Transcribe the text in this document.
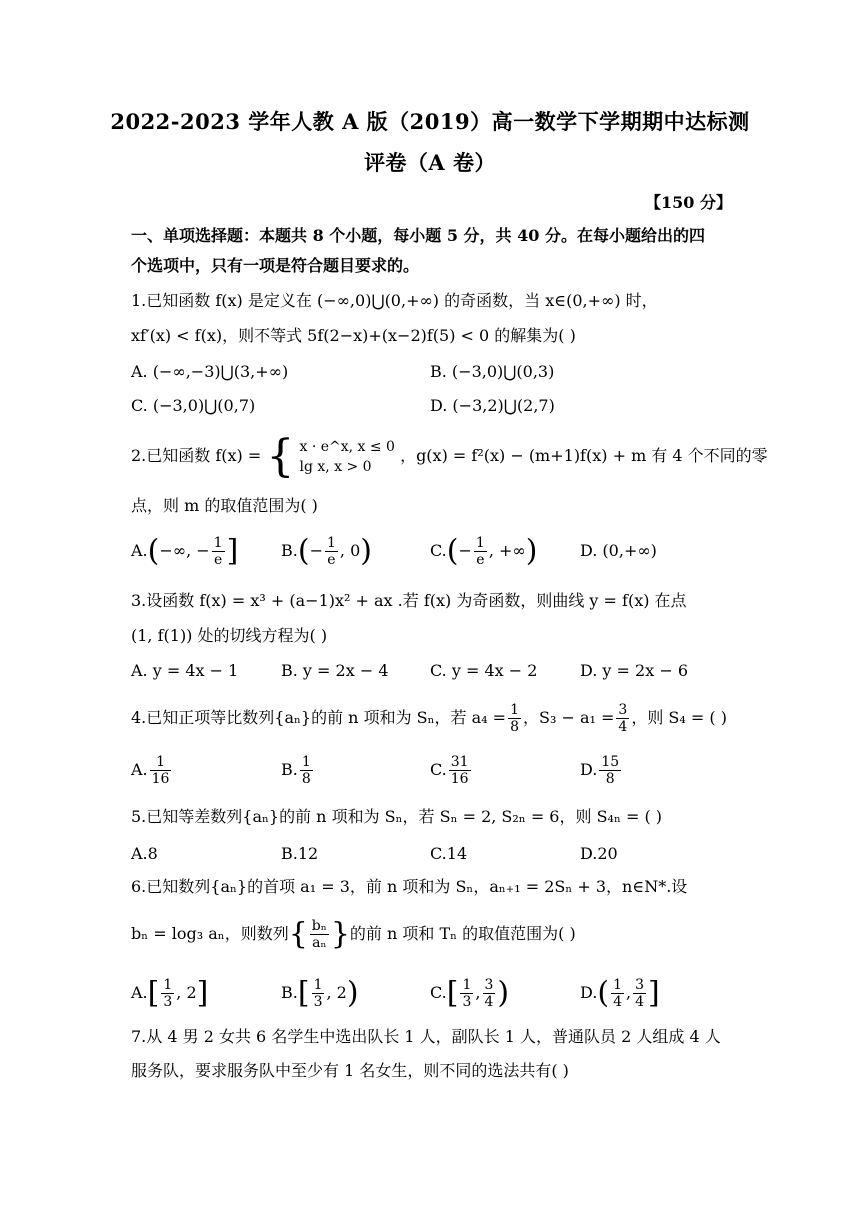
2022-2023 学年人教 A 版（2019）高一数学下学期期中达标测
评卷（A 卷）
【150 分】
一、单项选择题：本题共 8 个小题，每小题 5 分，共 40 分。在每小题给出的四
个选项中，只有一项是符合题目要求的。
1.已知函数 f(x) 是定义在 (−∞,0)⋃(0,+∞) 的奇函数，当 x∈(0,+∞) 时，
xf′(x) < f(x)，则不等式 5f(2−x)+(x−2)f(5) < 0 的解集为( )
A. (−∞,−3)⋃(3,+∞)	B. (−3,0)⋃(0,3)
C. (−3,0)⋃(0,7)	D. (−3,2)⋃(2,7)
2.已知函数 f(x) = { x · e^x, x ≤ 0
lg x, x > 0
，g(x) = f²(x) − (m+1)f(x) + m 有 4 个不同的零
点，则 m 的取值范围为( )
A.(−∞, − $\frac{1}{e}$ ]	$B.(- \frac{1}{e}$ , 0)	$C.(- \frac{1}{e}$ , +∞)	D. (0,+∞)
3.设函数 f(x) = x³ + (a−1)x² + ax .若 f(x) 为奇函数，则曲线 y = f(x) 在点
(1, f(1)) 处的切线方程为( )
A. y = 4x − 1	B. y = 2x − 4	C. y = 4x − 2	D. y = 2x − 6
4.已知正项等比数列{aₙ}的前 n 项和为 Sₙ，若 $a_4 = \frac{1}{8}$ ，$S_3 - a_1 = \frac{3}{4}$ ，则 S₄ = ( )
A. $\frac{1}{16}$	B. $\frac{1}{8}$	C. $\frac{31}{16}$	D. $\frac{15}{8}$
5.已知等差数列{aₙ}的前 n 项和为 Sₙ，若 Sₙ = 2, S₂ₙ = 6，则 S₄ₙ = ( )
A.8	B.12	C.14	D.20
6.已知数列{aₙ}的首项 a₁ = 3，前 n 项和为 Sₙ，aₙ₊₁ = 2Sₙ + 3，n∈N*.设
bₙ = log₃ aₙ，则数列{ $\frac{\text{bₙ}}{\text{aₙ}}$ }的前 n 项和 Tₙ 的取值范围为( )
$A.[ \frac{1}{3}$ , 2]	$B.[ \frac{1}{3}$ , 2)	$C.[ \frac{1}{3}$ , $\frac{3}{4}$ )	$D.( \frac{1}{4}$ , $\frac{3}{4}$ ]
7.从 4 男 2 女共 6 名学生中选出队长 1 人，副队长 1 人，普通队员 2 人组成 4 人
服务队，要求服务队中至少有 1 名女生，则不同的选法共有( )
